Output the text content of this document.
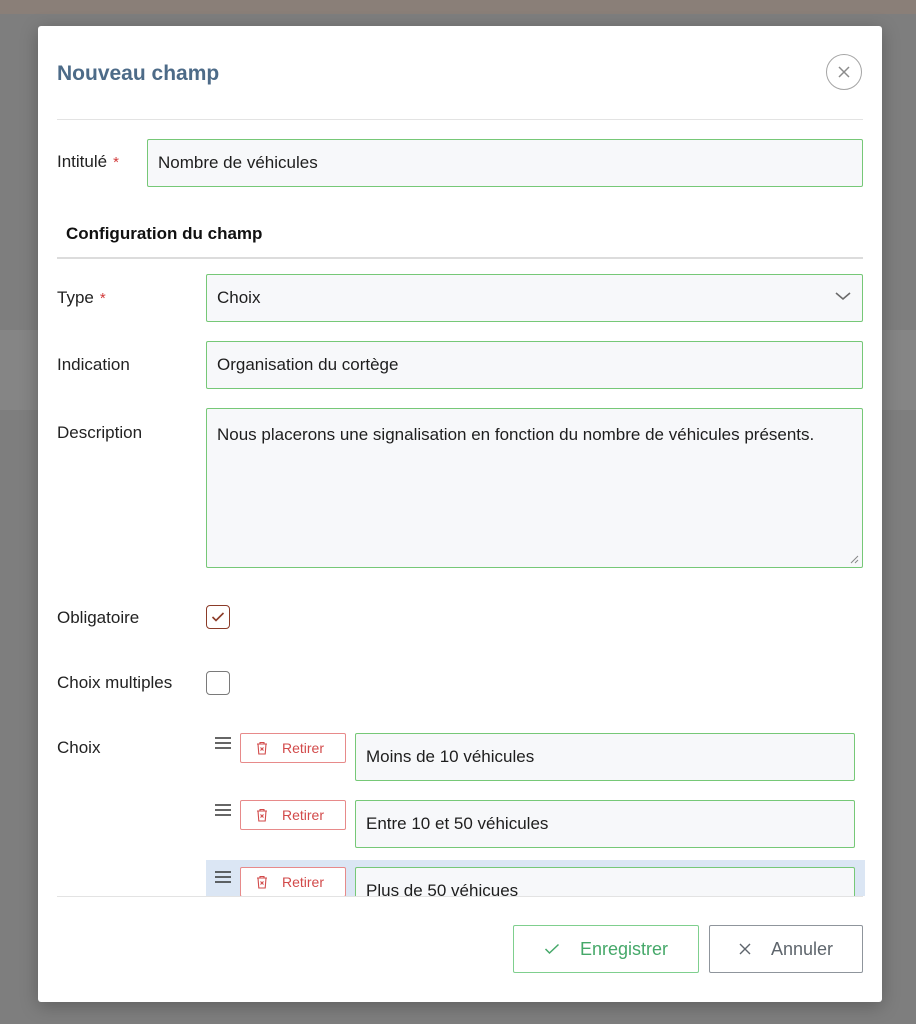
Nouveau champ
Intitulé *	Nombre de véhicules
Configuration du champ
Type *	Choix
Indication	Organisation du cortège
Description	Nous placerons une signalisation en fonction du nombre de véhicules présents.
Obligatoire
Choix multiples
Choix	Retirer	Moins de 10 véhicules
Retirer	Entre 10 et 50 véhicules
Retirer	Plus de 50 véhicues
Enregistrer	Annuler
